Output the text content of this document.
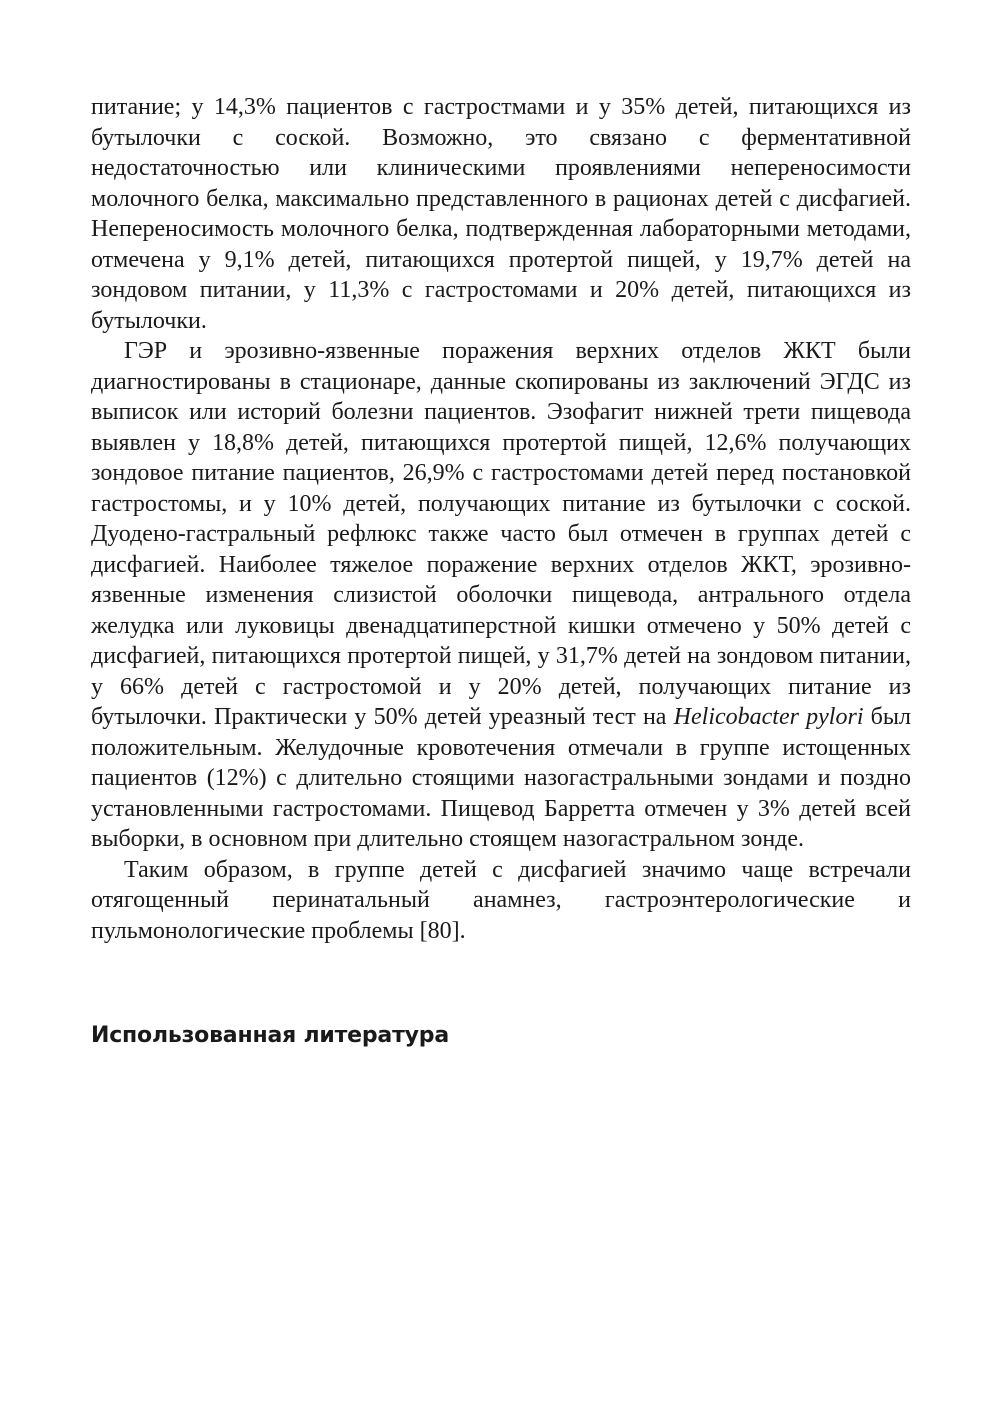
питание; у 14,3% пациентов с гастростмами и у 35% детей, питающихся из бутылочки с соской. Возможно, это связано с ферментативной недостаточностью или клиническими проявлениями непереносимости молочного белка, максимально представленного в рационах детей с дисфагией. Непереносимость молочного белка, подтвержденная лабораторными методами, отмечена у 9,1% детей, питающихся протертой пищей, у 19,7% детей на зондовом питании, у 11,3% с гастростомами и 20% детей, питающихся из бутылочки.

ГЭР и эрозивно-язвенные поражения верхних отделов ЖКТ были диагностированы в стационаре, данные скопированы из заключений ЭГДС из выписок или историй болезни пациентов. Эзофагит нижней трети пищевода выявлен у 18,8% детей, питающихся протертой пищей, 12,6% получающих зондовое питание пациентов, 26,9% с гастростомами детей перед постановкой гастростомы, и у 10% детей, получающих питание из бутылочки с соской. Дуодено-гастральный рефлюкс также часто был отмечен в группах детей с дисфагией. Наиболее тяжелое поражение верхних отделов ЖКТ, эрозивно-язвенные изменения слизистой оболочки пищевода, антрального отдела желудка или луковицы двенадцатиперстной кишки отмечено у 50% детей с дисфагией, питающихся протертой пищей, у 31,7% детей на зондовом питании, у 66% детей с гастростомой и у 20% детей, получающих питание из бутылочки. Практически у 50% детей уреазный тест на Helicobacter pylori был положительным. Желудочные кровотечения отмечали в группе истощенных пациентов (12%) с длительно стоящими назогастральными зондами и поздно установленными гастростомами. Пищевод Барретта отмечен у 3% детей всей выборки, в основном при длительно стоящем назогастральном зонде.

Таким образом, в группе детей с дисфагией значимо чаще встречали отягощенный перинатальный анамнез, гастроэнтерологические и пульмонологические проблемы [80].

Использованная литература
